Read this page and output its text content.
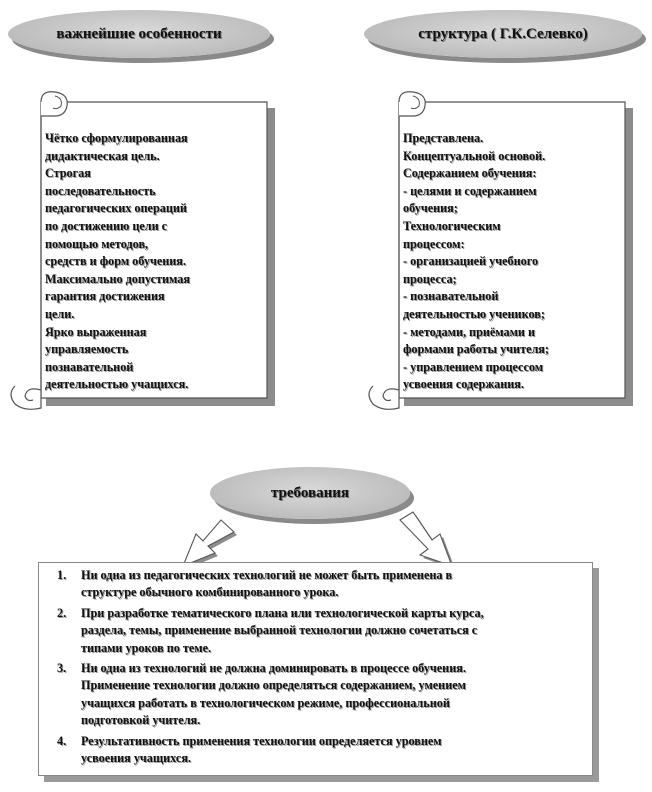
важнейшие особенности	структура ( Г.К.Селевко)
Чётко сформулированная
дидактическая цель.
Строгая
последовательность
педагогических операций
по достижению цели с
помощью методов,
средств и форм обучения.
Максимально допустимая
гарантия достижения
цели.
Ярко выраженная
управляемость
познавательной
деятельностью учащихся.
Представлена.
Концептуальной основой.
Содержанием обучения:
- целями и содержанием
обучения;
Технологическим
процессом:
- организацией учебного
процесса;
- познавательной
деятельностью учеников;
- методами, приёмами и
формами работы учителя;
- управлением процессом
усвоения содержания.
требования
1. Ни одна из педагогических технологий не может быть применена в
структуре обычного комбинированного урока.
2. При разработке тематического плана или технологической карты курса,
раздела, темы, применение выбранной технологии должно сочетаться с
типами уроков по теме.
3. Ни одна из технологий не должна доминировать в процессе обучения.
Применение технологии должно определяться содержанием, умением
учащихся работать в технологическом режиме, профессиональной
подготовкой учителя.
4. Результативность применения технологии определяется уровнем
усвоения учащихся.
